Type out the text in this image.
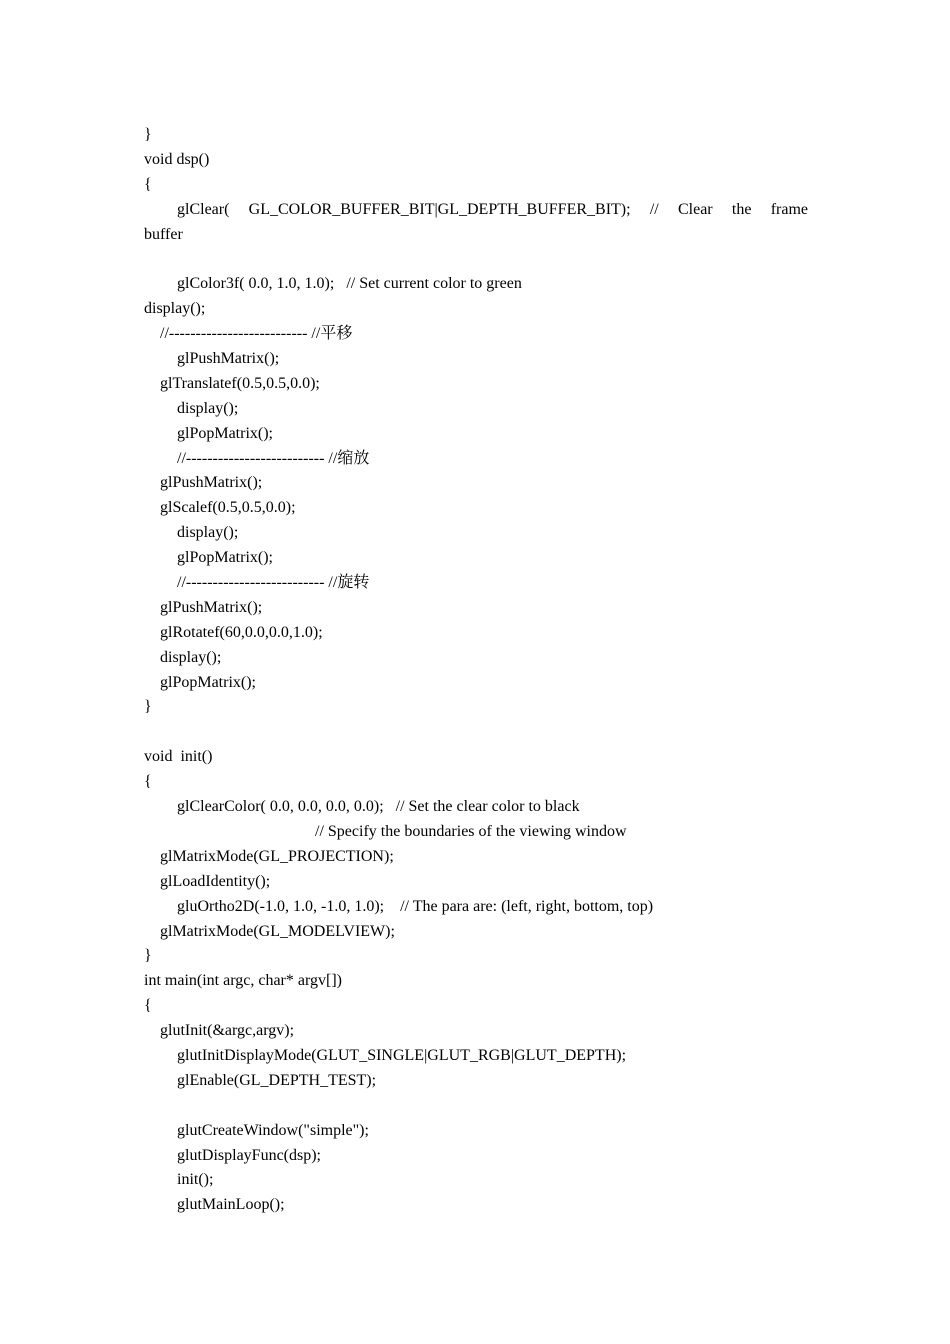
}
void dsp()
{
glClear( GL_COLOR_BUFFER_BIT|GL_DEPTH_BUFFER_BIT); // Clear the frame
buffer
glColor3f( 0.0, 1.0, 1.0);   // Set current color to green
display();
//-------------------------- //平移
glPushMatrix();
glTranslatef(0.5,0.5,0.0);
display();
glPopMatrix();
//-------------------------- //缩放
glPushMatrix();
glScalef(0.5,0.5,0.0);
display();
glPopMatrix();
//-------------------------- //旋转
glPushMatrix();
glRotatef(60,0.0,0.0,1.0);
display();
glPopMatrix();
}
void  init()
{
glClearColor( 0.0, 0.0, 0.0, 0.0);   // Set the clear color to black
// Specify the boundaries of the viewing window
glMatrixMode(GL_PROJECTION);
glLoadIdentity();
gluOrtho2D(-1.0, 1.0, -1.0, 1.0);    // The para are: (left, right, bottom, top)
glMatrixMode(GL_MODELVIEW);
}
int main(int argc, char* argv[])
{
glutInit(&argc,argv);
glutInitDisplayMode(GLUT_SINGLE|GLUT_RGB|GLUT_DEPTH);
glEnable(GL_DEPTH_TEST);
glutCreateWindow("simple");
glutDisplayFunc(dsp);
init();
glutMainLoop();
